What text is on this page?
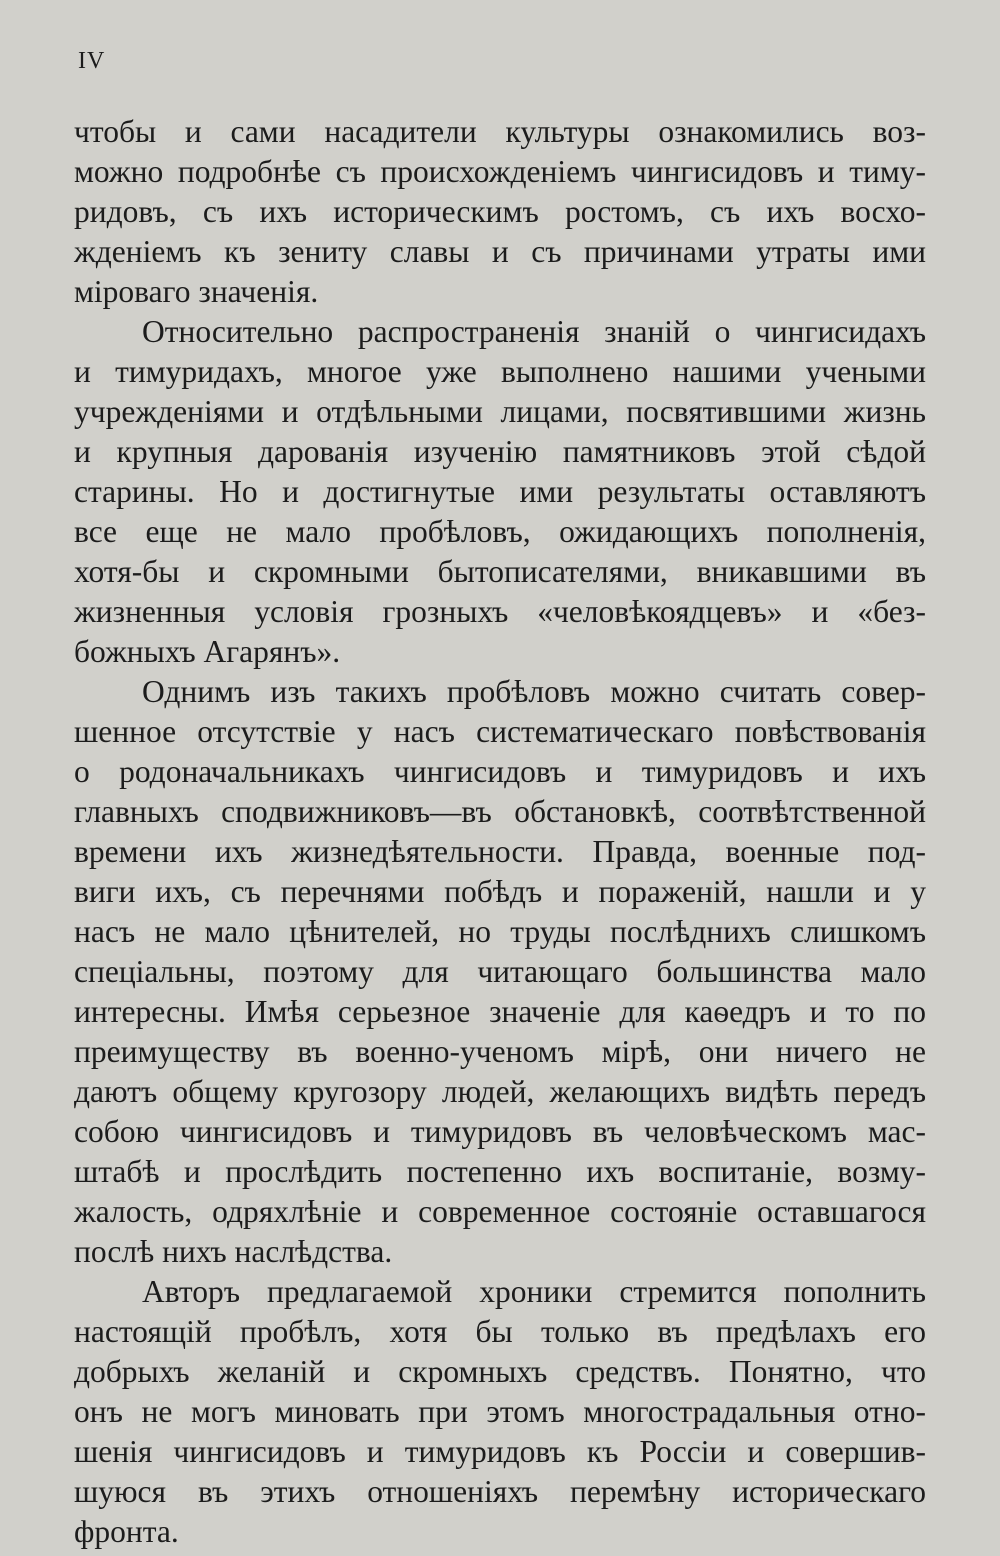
IV
чтобы и сами насадители культуры ознакомились воз-
можно подробнѣе съ происхожденіемъ чингисидовъ и тиму-
ридовъ, съ ихъ историческимъ ростомъ, съ ихъ восхо-
жденіемъ къ зениту славы и съ причинами утраты ими
міроваго значенія.
Относительно распространенія знаній о чингисидахъ
и тимуридахъ, многое уже выполнено нашими учеными
учрежденіями и отдѣльными лицами, посвятившими жизнь
и крупныя дарованія изученію памятниковъ этой сѣдой
старины. Но и достигнутые ими результаты оставляютъ
все еще не мало пробѣловъ, ожидающихъ пополненія,
хотя-бы и скромными бытописателями, вникавшими въ
жизненныя условія грозныхъ «человѣкоядцевъ» и «без-
божныхъ Агарянъ».
Однимъ изъ такихъ пробѣловъ можно считать совер-
шенное отсутствіе у насъ систематическаго повѣствованія
о родоначальникахъ чингисидовъ и тимуридовъ и ихъ
главныхъ сподвижниковъ—въ обстановкѣ, соотвѣтственной
времени ихъ жизнедѣятельности. Правда, военные под-
виги ихъ, съ перечнями побѣдъ и пораженій, нашли и у
насъ не мало цѣнителей, но труды послѣднихъ слишкомъ
спеціальны, поэтому для читающаго большинства мало
интересны. Имѣя серьезное значеніе для каѳедръ и то по
преимуществу въ военно-ученомъ мірѣ, они ничего не
даютъ общему кругозору людей, желающихъ видѣть передъ
собою чингисидовъ и тимуридовъ въ человѣческомъ мас-
штабѣ и прослѣдить постепенно ихъ воспитаніе, возму-
жалость, одряхлѣніе и современное состояніе оставшагося
послѣ нихъ наслѣдства.
Авторъ предлагаемой хроники стремится пополнить
настоящій пробѣлъ, хотя бы только въ предѣлахъ его
добрыхъ желаній и скромныхъ средствъ. Понятно, что
онъ не могъ миновать при этомъ многострадальныя отно-
шенія чингисидовъ и тимуридовъ къ Россіи и совершив-
шуюся въ этихъ отношеніяхъ перемѣну историческаго
фронта.
